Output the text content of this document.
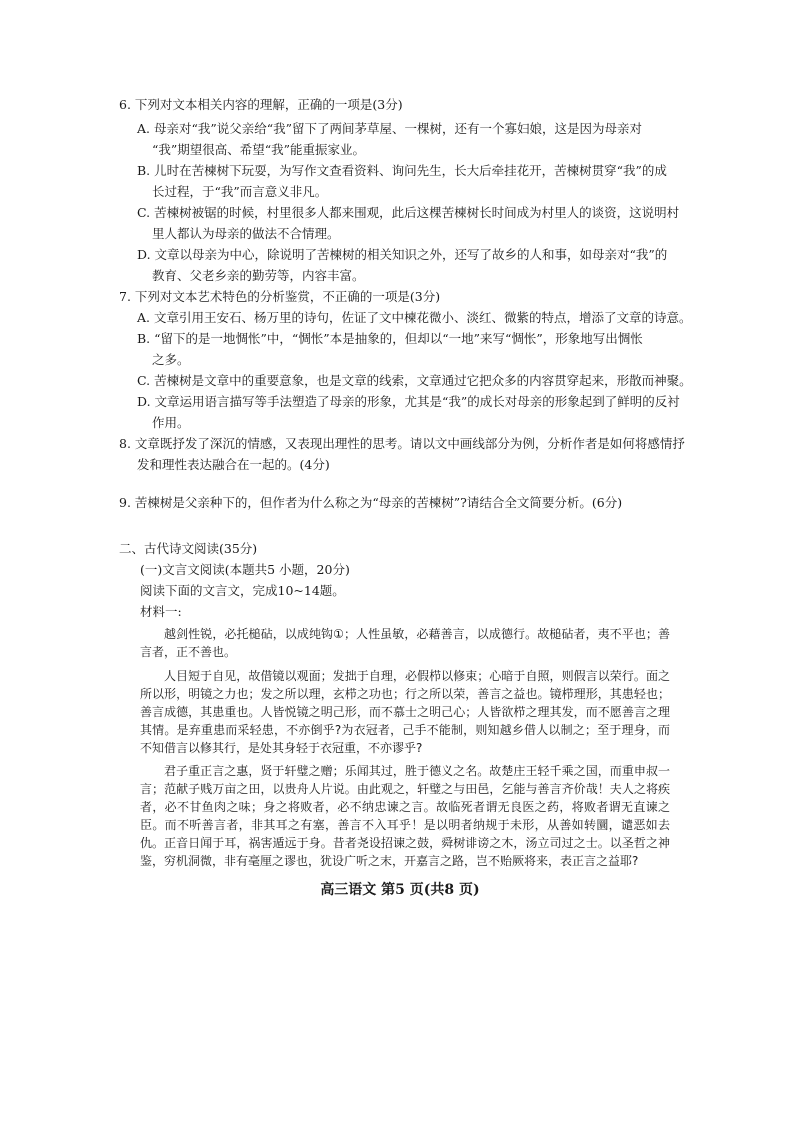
6. 下列对文本相关内容的理解，正确的一项是(3分)
A. 母亲对“我”说父亲给“我”留下了两间茅草屋、一棵树，还有一个寡妇娘，这是因为母亲对
“我”期望很高、希望“我”能重振家业。
B. 儿时在苦楝树下玩耍，为写作文查看资料、询问先生，长大后牵挂花开，苦楝树贯穿“我”的成
长过程，于“我”而言意义非凡。
C. 苦楝树被锯的时候，村里很多人都来围观，此后这棵苦楝树长时间成为村里人的谈资，这说明村
里人都认为母亲的做法不合情理。
D. 文章以母亲为中心，除说明了苦楝树的相关知识之外，还写了故乡的人和事，如母亲对“我”的
教育、父老乡亲的勤劳等，内容丰富。
7. 下列对文本艺术特色的分析鉴赏，不正确的一项是(3分)
A. 文章引用王安石、杨万里的诗句，佐证了文中楝花微小、淡红、微紫的特点，增添了文章的诗意。
B. “留下的是一地惆怅”中，“惆怅”本是抽象的，但却以“一地”来写“惆怅”，形象地写出惆怅
之多。
C. 苦楝树是文章中的重要意象，也是文章的线索，文章通过它把众多的内容贯穿起来，形散而神聚。
D. 文章运用语言描写等手法塑造了母亲的形象，尤其是“我”的成长对母亲的形象起到了鲜明的反衬
作用。
8. 文章既抒发了深沉的情感，又表现出理性的思考。请以文中画线部分为例，分析作者是如何将感情抒
发和理性表达融合在一起的。(4分)
9. 苦楝树是父亲种下的，但作者为什么称之为“母亲的苦楝树”?请结合全文简要分析。(6分)
二、古代诗文阅读(35分)
(一)文言文阅读(本题共5 小题，20分)
阅读下面的文言文，完成10~14题。
材料一:
越剑性锐，必托槌砧，以成纯钩①；人性虽敏，必藉善言，以成德行。故槌砧者，夷不平也；善言者，正不善也。
人目短于自见，故借镜以观面；发拙于自理，必假栉以修束；心暗于自照，则假言以荣行。面之所以形，明镜之力也；发之所以理，玄栉之功也；行之所以荣，善言之益也。镜栉理形，其患轻也；善言成德，其患重也。人皆悦镜之明己形，而不慕士之明己心；人皆欲栉之理其发，而不愿善言之理其情。是弃重患而采轻患，不亦倒乎?为衣冠者，己手不能制，则知越乡借人以制之；至于理身，而不知借言以修其行，是处其身轻于衣冠重，不亦谬乎?
君子重正言之惠，贤于轩璧之赠；乐闻其过，胜于德义之名。故楚庄王轻千乘之国，而重申叔一言；范献子贱万亩之田，以贵舟人片说。由此观之，轩璧之与田邑，乞能与善言齐价哉！夫人之将疾者，必不甘鱼肉之味；身之将败者，必不纳忠谏之言。故临死者谓无良医之药，将败者谓无直谏之臣。而不听善言者，非其耳之有塞，善言不入耳乎！是以明者纳规于未形，从善如转圜，谴恶如去仇。正音日闻于耳，祸害遁远于身。昔者尧设招谏之鼓，舜树诽谤之木，汤立司过之士。以圣哲之神鉴，穷机洞微，非有毫厘之谬也，犹设广听之末，开嘉言之路，岂不贻厥将来，表正言之益耶?
高三语文 第5 页(共8 页)
